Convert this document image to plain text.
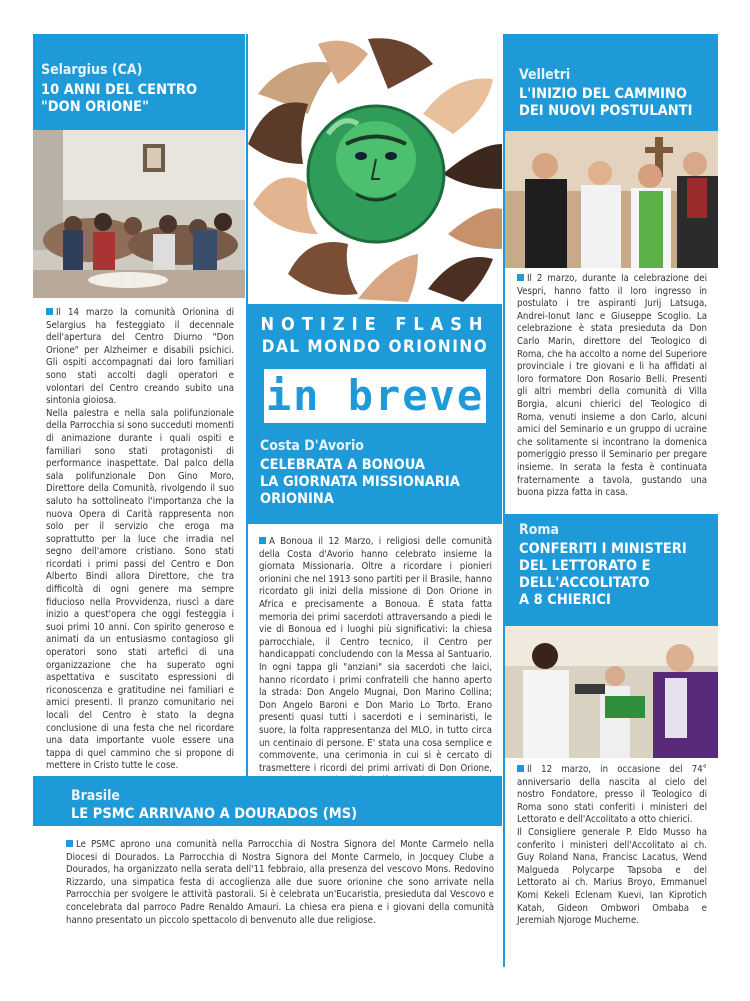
Selargius (CA)
10 ANNI DEL CENTRO
"DON ORIONE"

Il 14 marzo la comunità Orionina di Selargius ha festeggiato il decennale dell'apertura del Centro Diurno "Don Orione" per Alzheimer e disabili psichici. Gli ospiti accompagnati dai loro familiari sono stati accolti dagli operatori e volontari del Centro creando subito una sintonia gioiosa.

Nella palestra e nella sala polifunzionale della Parrocchia si sono succeduti momenti di animazione durante i quali ospiti e familiari sono stati protagonisti di performance inaspettate. Dal palco della sala polifunzionale Don Gino Moro, Direttore della Comunità, rivolgendo il suo saluto ha sottolineato l'importanza che la nuova Opera di Carità rappresenta non solo per il servizio che eroga ma soprattutto per la luce che irradia nel segno dell'amore cristiano. Sono stati ricordati i primi passi del Centro e Don Alberto Bindi allora Direttore, che tra difficoltà di ogni genere ma sempre fiducioso nella Provvidenza, riuscì a dare inizio a quest'opera che oggi festeggia i suoi primi 10 anni. Con spirito generoso e animati da un entusiasmo contagioso gli operatori sono stati artefici di una organizzazione che ha superato ogni aspettativa e suscitato espressioni di riconoscenza e gratitudine nei familiari e amici presenti. Il pranzo comunitario nei locali del Centro è stato la degna conclusione di una festa che nel ricordare una data importante vuole essere una tappa di quel cammino che si propone di mettere in Cristo tutte le cose.

NOTIZIE FLASH
DAL MONDO ORIONINO
in breve
Costa D'Avorio
CELEBRATA A BONOUA
LA GIORNATA MISSIONARIA
ORIONINA

A Bonoua il 12 Marzo, i religiosi delle comunità della Costa d'Avorio hanno celebrato insieme la giornata Missionaria. Oltre a ricordare i pionieri orionini che nel 1913 sono partiti per il Brasile, hanno ricordato gli inizi della missione di Don Orione in Africa e precisamente a Bonoua. È stata fatta memoria dei primi sacerdoti attraversando a piedi le vie di Bonoua ed i luoghi più significativi: la chiesa parrocchiale, il Centro tecnico, il Centro per handicappati concludendo con la Messa al Santuario. In ogni tappa gli "anziani" sia sacerdoti che laici, hanno ricordato i primi confratelli che hanno aperto la strada: Don Angelo Mugnai, Don Marino Collina; Don Angelo Baroni e Don Mario Lo Torto. Erano presenti quasi tutti i sacerdoti e i seminaristi, le suore, la folta rappresentanza del MLO, in tutto circa un centinaio di persone. E' stata una cosa semplice e commovente, una cerimonia in cui si è cercato di trasmettere i ricordi dei primi arrivati di Don Orione,

Velletri
L'INIZIO DEL CAMMINO
DEI NUOVI POSTULANTI

Il 2 marzo, durante la celebrazione dei Vespri, hanno fatto il loro ingresso in postulato i tre aspiranti Jurij Latsuga, Andrei-Ionut Ianc e Giuseppe Scoglio. La celebrazione è stata presieduta da Don Carlo Marin, direttore del Teologico di Roma, che ha accolto a nome del Superiore provinciale i tre giovani e li ha affidati al loro formatore Don Rosario Belli. Presenti gli altri membri della comunità di Villa Borgia, alcuni chierici del Teologico di Roma, venuti insieme a don Carlo, alcuni amici del Seminario e un gruppo di ucraine che solitamente si incontrano la domenica pomeriggio presso il Seminario per pregare insieme. In serata la festa è continuata fraternamente a tavola, gustando una buona pizza fatta in casa.

Roma
CONFERITI I MINISTERI
DEL LETTORATO E
DELL'ACCOLITATO
A 8 CHIERICI

Il 12 marzo, in occasione del 74° anniversario della nascita al cielo del nostro Fondatore, presso il Teologico di Roma sono stati conferiti i ministeri del Lettorato e dell'Accolitato a otto chierici.

Il Consigliere generale P. Eldo Musso ha conferito i ministeri dell'Accolitato ai ch. Guy Roland Nana, Francisc Lacatus, Wend Malgueda Polycarpe Tapsoba e del Lettorato ai ch. Marius Broyo, Emmanuel Komi Kekeli Eclenam Kuevi, Ian Kiprotich Katah, Gideon Ombwori Ombaba e Jeremiah Njoroge Mucheme.

Brasile
LE PSMC ARRIVANO A DOURADOS (MS)

Le PSMC aprono una comunità nella Parrocchia di Nostra Signora del Monte Carmelo nella Diocesi di Dourados. La Parrocchia di Nostra Signora del Monte Carmelo, in Jocquey Clube a Dourados, ha organizzato nella serata dell'11 febbraio, alla presenza del vescovo Mons. Redovino Rizzardo, una simpatica festa di accoglienza alle due suore orionine che sono arrivate nella Parrocchia per svolgere le attività pastorali. Si è celebrata un'Eucaristia, presieduta dal Vescovo e concelebrata dal parroco Padre Renaldo Amauri. La chiesa era piena e i giovani della comunità hanno presentato un piccolo spettacolo di benvenuto alle due religiose.
